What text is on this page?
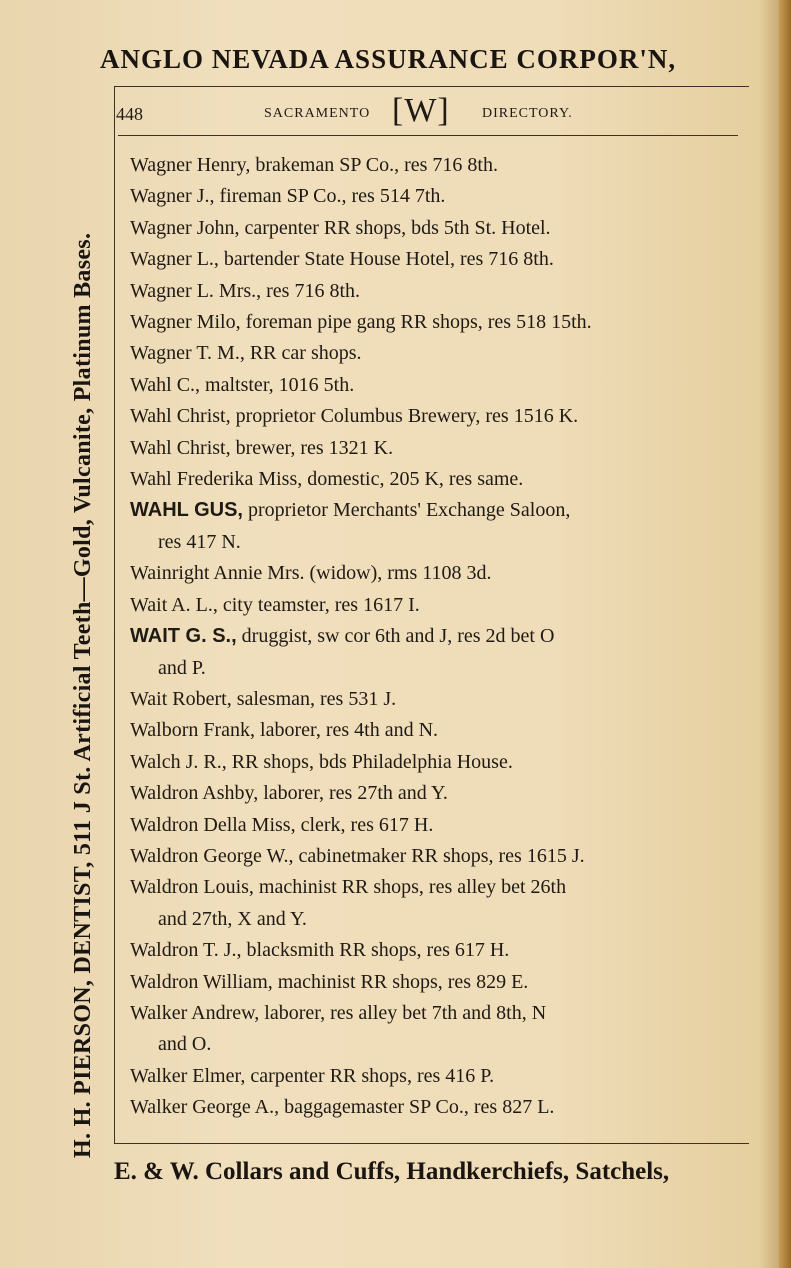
ANGLO NEVADA ASSURANCE CORPOR'N,
H. H. PIERSON, DENTIST, 511 J St. Artificial Teeth—Gold, Vulcanite, Platinum Bases.
448	SACRAMENTO [W] DIRECTORY.
Wagner Henry, brakeman SP Co., res 716 8th.
Wagner J., fireman SP Co., res 514 7th.
Wagner John, carpenter RR shops, bds 5th St. Hotel.
Wagner L., bartender State House Hotel, res 716 8th.
Wagner L. Mrs., res 716 8th.
Wagner Milo, foreman pipe gang RR shops, res 518 15th.
Wagner T. M., RR car shops.
Wahl C., maltster, 1016 5th.
Wahl Christ, proprietor Columbus Brewery, res 1516 K.
Wahl Christ, brewer, res 1321 K.
Wahl Frederika Miss, domestic, 205 K, res same.
WAHL GUS, proprietor Merchants' Exchange Saloon,
res 417 N.
Wainright Annie Mrs. (widow), rms 1108 3d.
Wait A. L., city teamster, res 1617 I.
WAIT G. S., druggist, sw cor 6th and J, res 2d bet O
and P.
Wait Robert, salesman, res 531 J.
Walborn Frank, laborer, res 4th and N.
Walch J. R., RR shops, bds Philadelphia House.
Waldron Ashby, laborer, res 27th and Y.
Waldron Della Miss, clerk, res 617 H.
Waldron George W., cabinetmaker RR shops, res 1615 J.
Waldron Louis, machinist RR shops, res alley bet 26th
and 27th, X and Y.
Waldron T. J., blacksmith RR shops, res 617 H.
Waldron William, machinist RR shops, res 829 E.
Walker Andrew, laborer, res alley bet 7th and 8th, N
and O.
Walker Elmer, carpenter RR shops, res 416 P.
Walker George A., baggagemaster SP Co., res 827 L.
E. & W. Collars and Cuffs, Handkerchiefs, Satchels,
